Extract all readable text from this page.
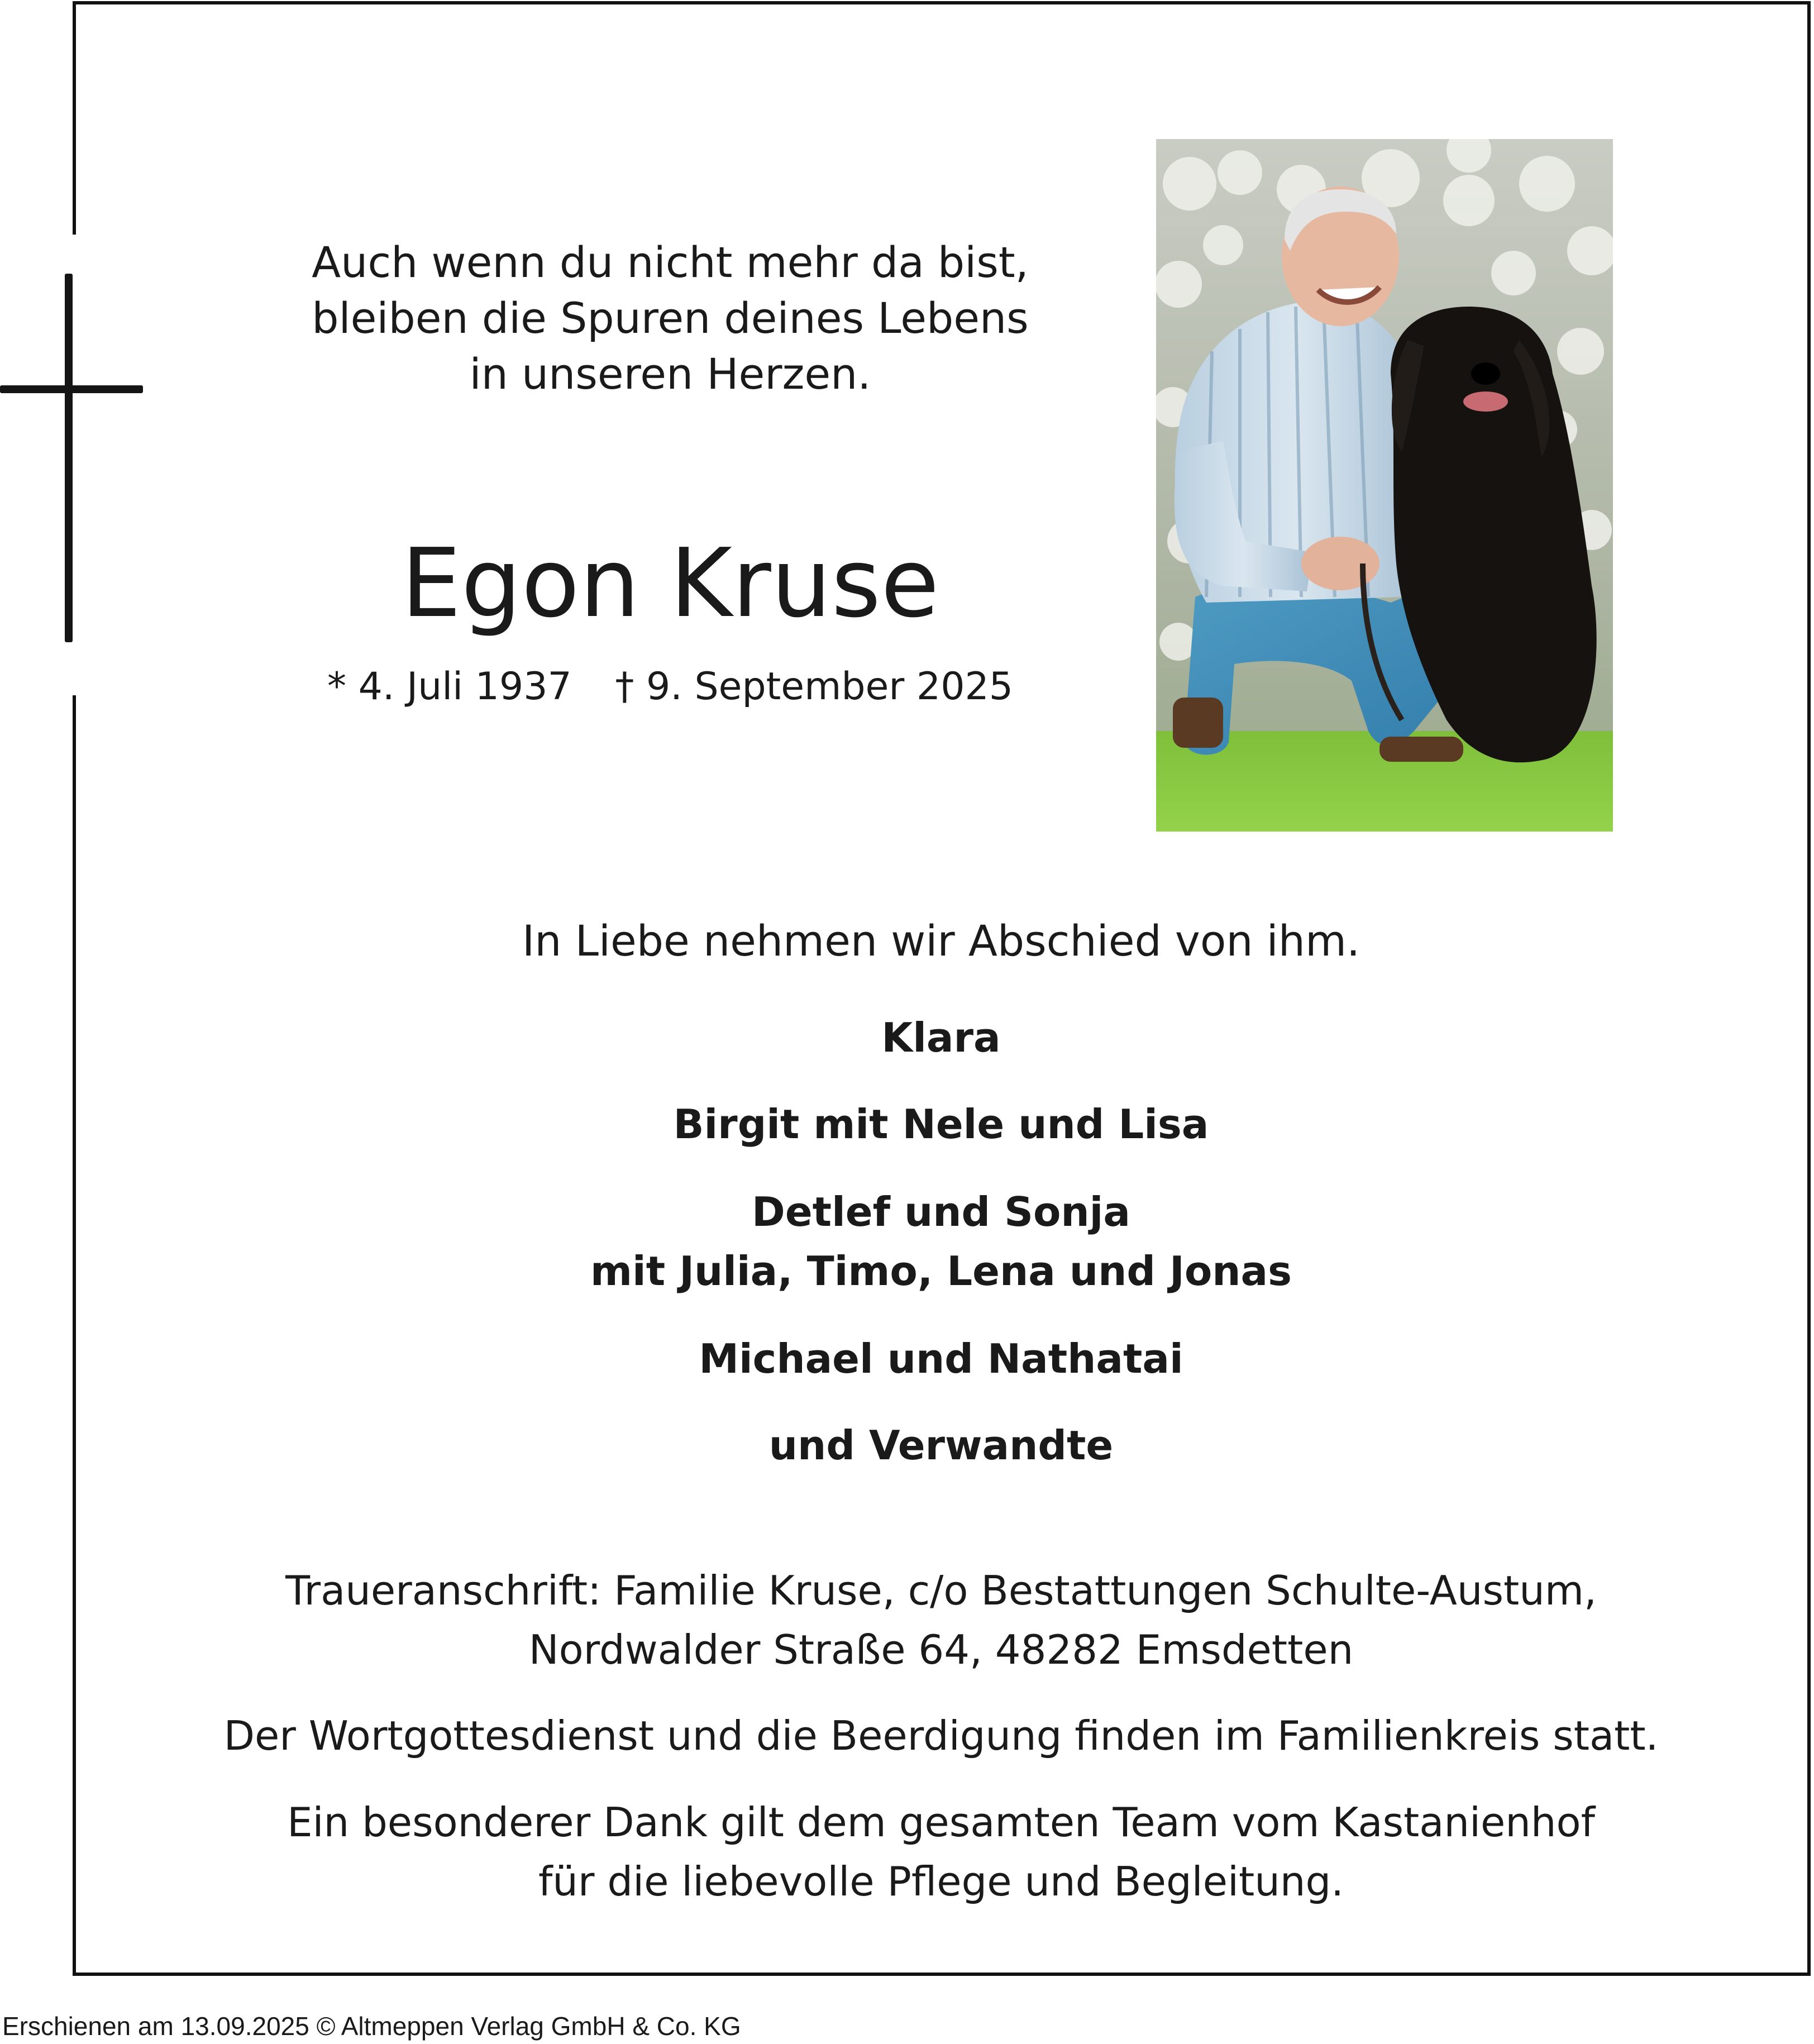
Auch wenn du nicht mehr da bist,
bleiben die Spuren deines Lebens
in unseren Herzen.
Egon Kruse
* 4. Juli 1937 † 9. September 2025
In Liebe nehmen wir Abschied von ihm.
Klara
Birgit mit Nele und Lisa
Detlef und Sonja
mit Julia, Timo, Lena und Jonas
Michael und Nathatai
und Verwandte
Traueranschrift: Familie Kruse, c/o Bestattungen Schulte-Austum,
Nordwalder Straße 64, 48282 Emsdetten
Der Wortgottesdienst und die Beerdigung finden im Familienkreis statt.
Ein besonderer Dank gilt dem gesamten Team vom Kastanienhof
für die liebevolle Pflege und Begleitung.
Erschienen am 13.09.2025 © Altmeppen Verlag GmbH & Co. KG
